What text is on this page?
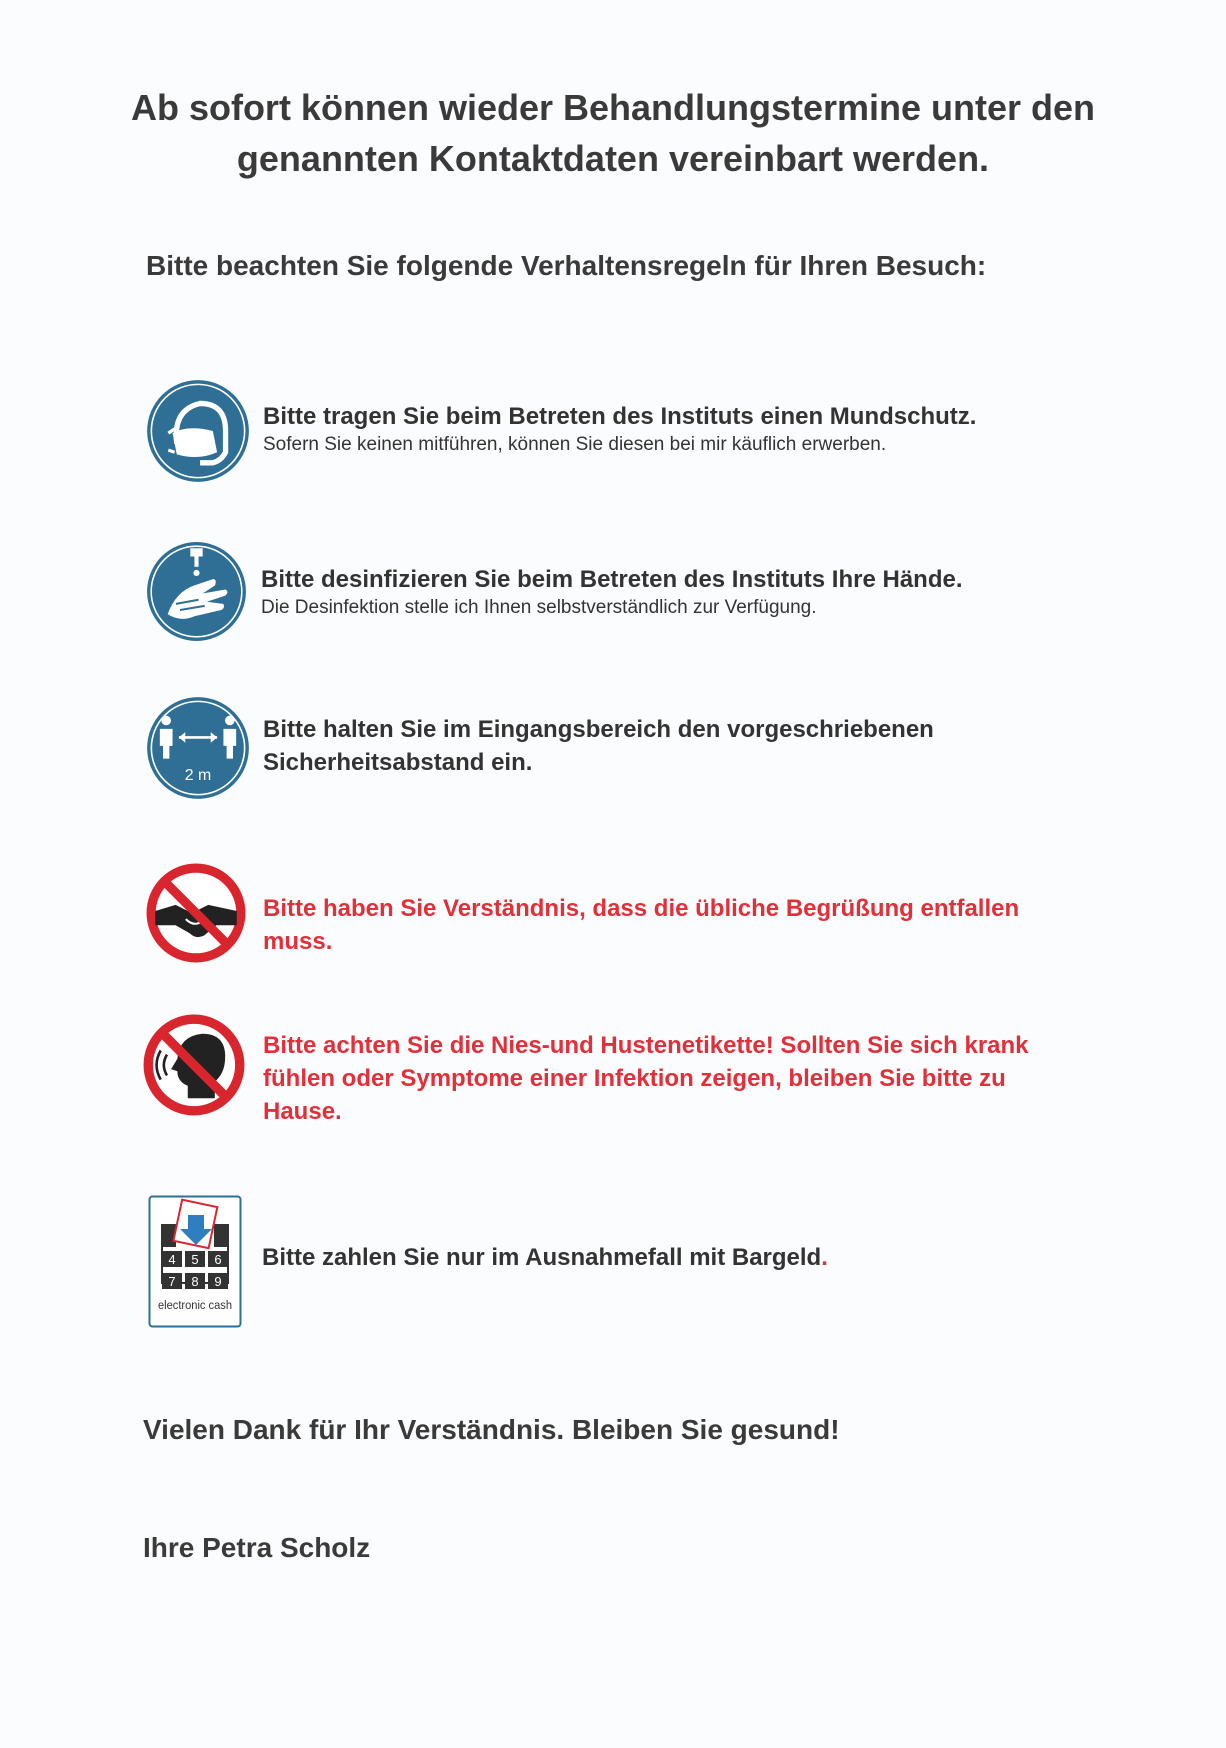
Ab sofort können wieder Behandlungstermine unter den
genannten Kontaktdaten vereinbart werden.
Bitte beachten Sie folgende Verhaltensregeln für Ihren Besuch:
Bitte tragen Sie beim Betreten des Instituts einen Mundschutz.
Sofern Sie keinen mitführen, können Sie diesen bei mir käuflich erwerben.
Bitte desinfizieren Sie beim Betreten des Instituts Ihre Hände.
Die Desinfektion stelle ich Ihnen selbstverständlich zur Verfügung.
2 m
Bitte halten Sie im Eingangsbereich den vorgeschriebenen
Sicherheitsabstand ein.
Bitte haben Sie Verständnis, dass die übliche Begrüßung entfallen
muss.
Bitte achten Sie die Nies-und Hustenetikette! Sollten Sie sich krank
fühlen oder Symptome einer Infektion zeigen, bleiben Sie bitte zu
Hause.
4 5 6
7 8 9
electronic cash
Bitte zahlen Sie nur im Ausnahmefall mit Bargeld.
Vielen Dank für Ihr Verständnis. Bleiben Sie gesund!
Ihre Petra Scholz
